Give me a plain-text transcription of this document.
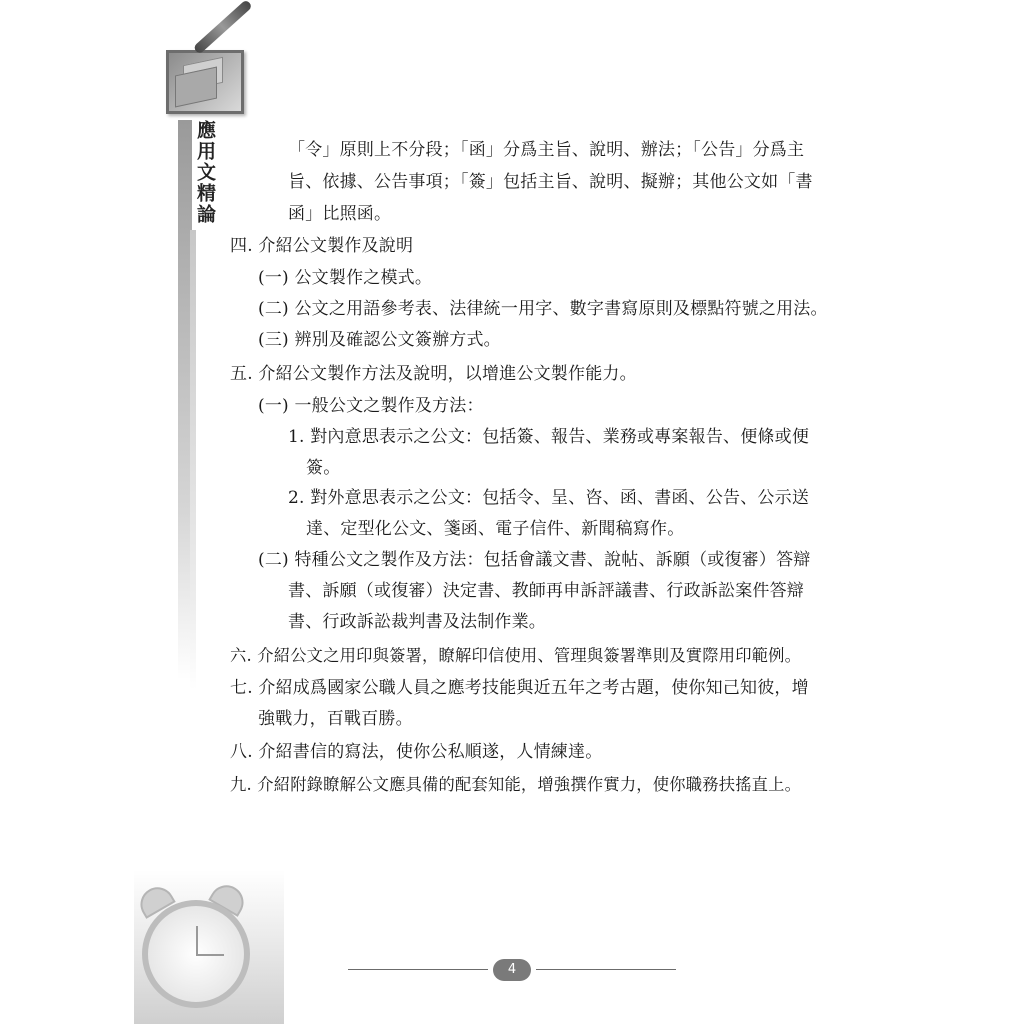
應用文精論	「令」原則上不分段；「函」分爲主旨、說明、辦法；「公告」分爲主
旨、依據、公告事項；「簽」包括主旨、說明、擬辦；其他公文如「書
函」比照函。
四. 介紹公文製作及說明
(一) 公文製作之模式。
(二) 公文之用語參考表、法律統一用字、數字書寫原則及標點符號之用法。
(三) 辨別及確認公文簽辦方式。
五. 介紹公文製作方法及說明，以增進公文製作能力。
(一) 一般公文之製作及方法：
1. 對內意思表示之公文：包括簽、報告、業務或專案報告、便條或便
簽。
2. 對外意思表示之公文：包括令、呈、咨、函、書函、公告、公示送
達、定型化公文、箋函、電子信件、新聞稿寫作。
(二) 特種公文之製作及方法：包括會議文書、說帖、訴願（或復審）答辯
書、訴願（或復審）決定書、教師再申訴評議書、行政訴訟案件答辯
書、行政訴訟裁判書及法制作業。
六. 介紹公文之用印與簽署，瞭解印信使用、管理與簽署準則及實際用印範例。
七. 介紹成爲國家公職人員之應考技能與近五年之考古題，使你知己知彼，增
強戰力，百戰百勝。
八. 介紹書信的寫法，使你公私順遂，人情練達。
九. 介紹附錄瞭解公文應具備的配套知能，增強撰作實力，使你職務扶搖直上。
4
